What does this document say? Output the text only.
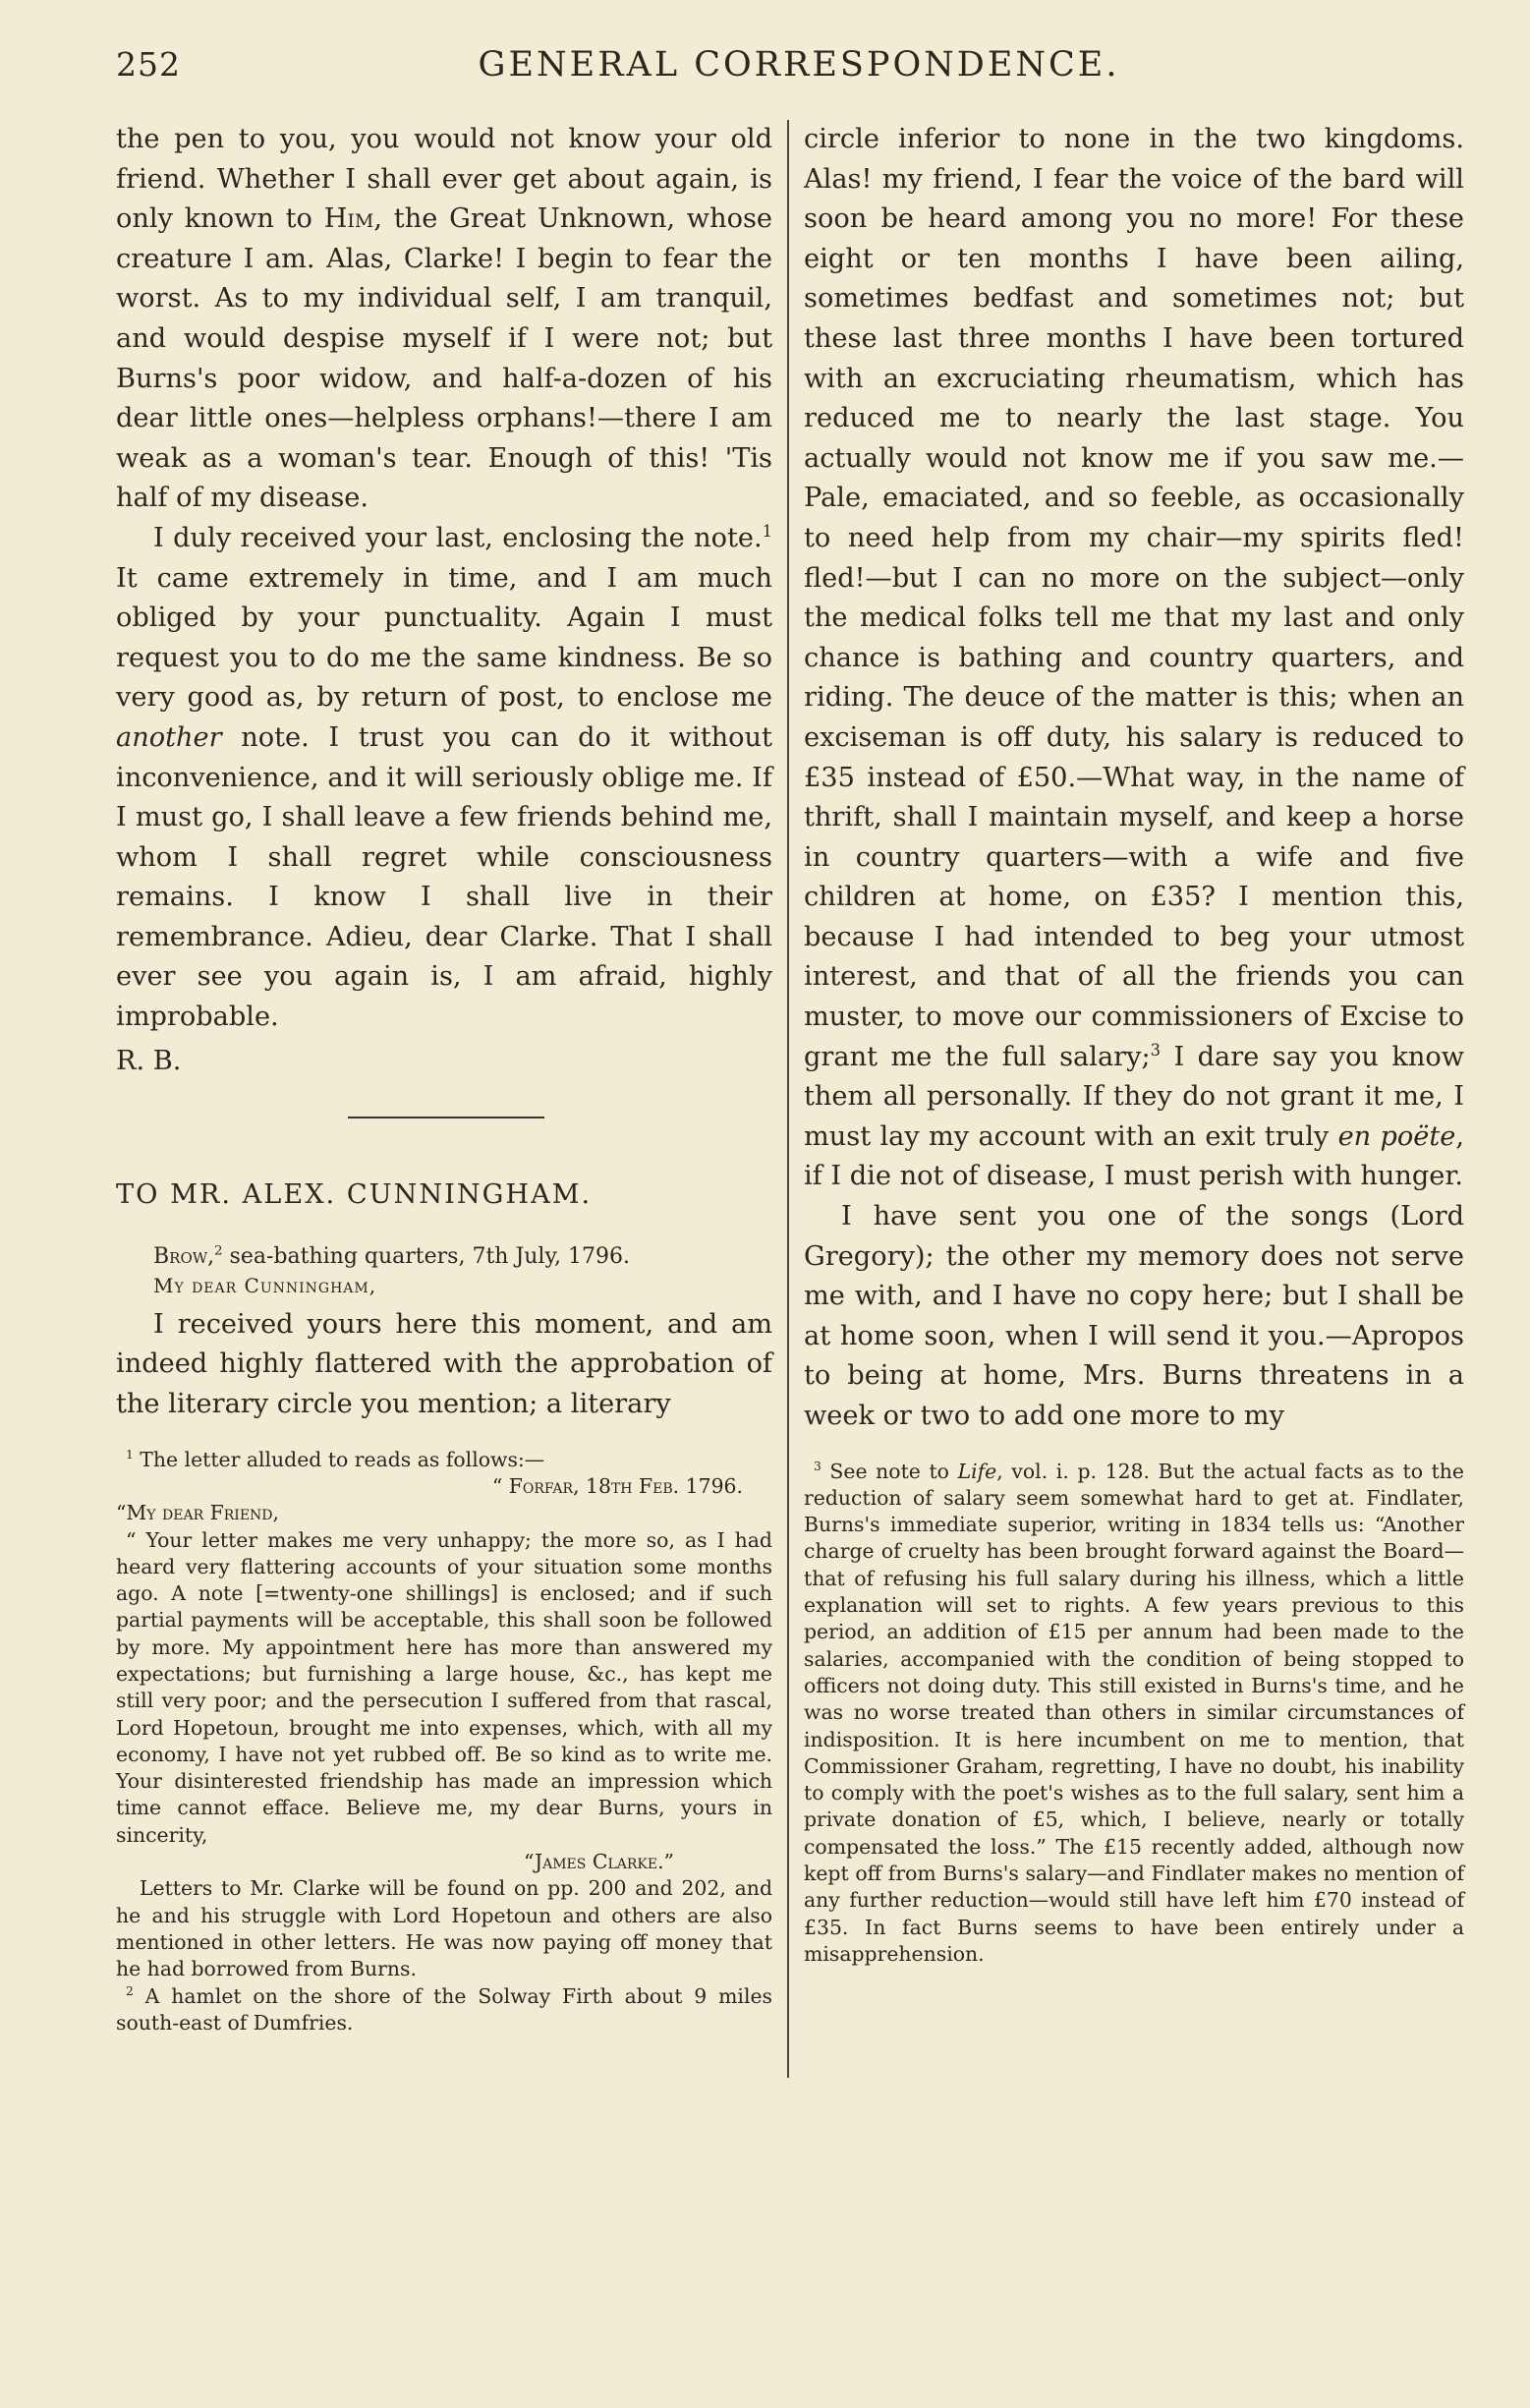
252	GENERAL CORRESPONDENCE.

the pen to you, you would not know your old friend. Whether I shall ever get about again, is only known to Him, the Great Unknown, whose creature I am. Alas, Clarke! I begin to fear the worst. As to my individual self, I am tranquil, and would despise myself if I were not; but Burns's poor widow, and half-a-dozen of his dear little ones—helpless orphans!—there I am weak as a woman's tear. Enough of this! 'Tis half of my disease.

I duly received your last, enclosing the note.$^1$ It came extremely in time, and I am much obliged by your punctuality. Again I must request you to do me the same kindness. Be so very good as, by return of post, to enclose me another note. I trust you can do it without inconvenience, and it will seriously oblige me. If I must go, I shall leave a few friends behind me, whom I shall regret while consciousness remains. I know I shall live in their remembrance. Adieu, dear Clarke. That I shall ever see you again is, I am afraid, highly improbable.

R. B.

TO MR. ALEX. CUNNINGHAM.

Brow,$^2$ sea-bathing quarters, 7th July, 1796.

My dear Cunningham,

I received yours here this moment, and am indeed highly flattered with the approbation of the literary circle you mention; a literary

$^1$ The letter alluded to reads as follows:—

“ Forfar, 18th Feb. 1796.

“My dear Friend,

“ Your letter makes me very unhappy; the more so, as I had heard very flattering accounts of your situation some months ago. A note [=twenty-one shillings] is enclosed; and if such partial payments will be acceptable, this shall soon be followed by more. My appointment here has more than answered my expectations; but furnishing a large house, &c., has kept me still very poor; and the persecution I suffered from that rascal, Lord Hopetoun, brought me into expenses, which, with all my economy, I have not yet rubbed off. Be so kind as to write me. Your disinterested friendship has made an impression which time cannot efface. Believe me, my dear Burns, yours in sincerity,

“James Clarke.”

Letters to Mr. Clarke will be found on pp. 200 and 202, and he and his struggle with Lord Hopetoun and others are also mentioned in other letters. He was now paying off money that he had borrowed from Burns.

$^2$ A hamlet on the shore of the Solway Firth about 9 miles south-east of Dumfries.

circle inferior to none in the two kingdoms. Alas! my friend, I fear the voice of the bard will soon be heard among you no more! For these eight or ten months I have been ailing, sometimes bedfast and sometimes not; but these last three months I have been tortured with an excruciating rheumatism, which has reduced me to nearly the last stage. You actually would not know me if you saw me.—Pale, emaciated, and so feeble, as occasionally to need help from my chair—my spirits fled! fled!—but I can no more on the subject—only the medical folks tell me that my last and only chance is bathing and country quarters, and riding. The deuce of the matter is this; when an exciseman is off duty, his salary is reduced to £35 instead of £50.—What way, in the name of thrift, shall I maintain myself, and keep a horse in country quarters—with a wife and five children at home, on £35? I mention this, because I had intended to beg your utmost interest, and that of all the friends you can muster, to move our commissioners of Excise to grant me the full salary;$^3$ I dare say you know them all personally. If they do not grant it me, I must lay my account with an exit truly en poëte, if I die not of disease, I must perish with hunger.

I have sent you one of the songs (Lord Gregory); the other my memory does not serve me with, and I have no copy here; but I shall be at home soon, when I will send it you.—Apropos to being at home, Mrs. Burns threatens in a week or two to add one more to my

$^3$ See note to Life, vol. i. p. 128. But the actual facts as to the reduction of salary seem somewhat hard to get at. Findlater, Burns's immediate superior, writing in 1834 tells us: “Another charge of cruelty has been brought forward against the Board—that of refusing his full salary during his illness, which a little explanation will set to rights. A few years previous to this period, an addition of £15 per annum had been made to the salaries, accompanied with the condition of being stopped to officers not doing duty. This still existed in Burns's time, and he was no worse treated than others in similar circumstances of indisposition. It is here incumbent on me to mention, that Commissioner Graham, regretting, I have no doubt, his inability to comply with the poet's wishes as to the full salary, sent him a private donation of £5, which, I believe, nearly or totally compensated the loss.” The £15 recently added, although now kept off from Burns's salary—and Findlater makes no mention of any further reduction—would still have left him £70 instead of £35. In fact Burns seems to have been entirely under a misapprehension.
